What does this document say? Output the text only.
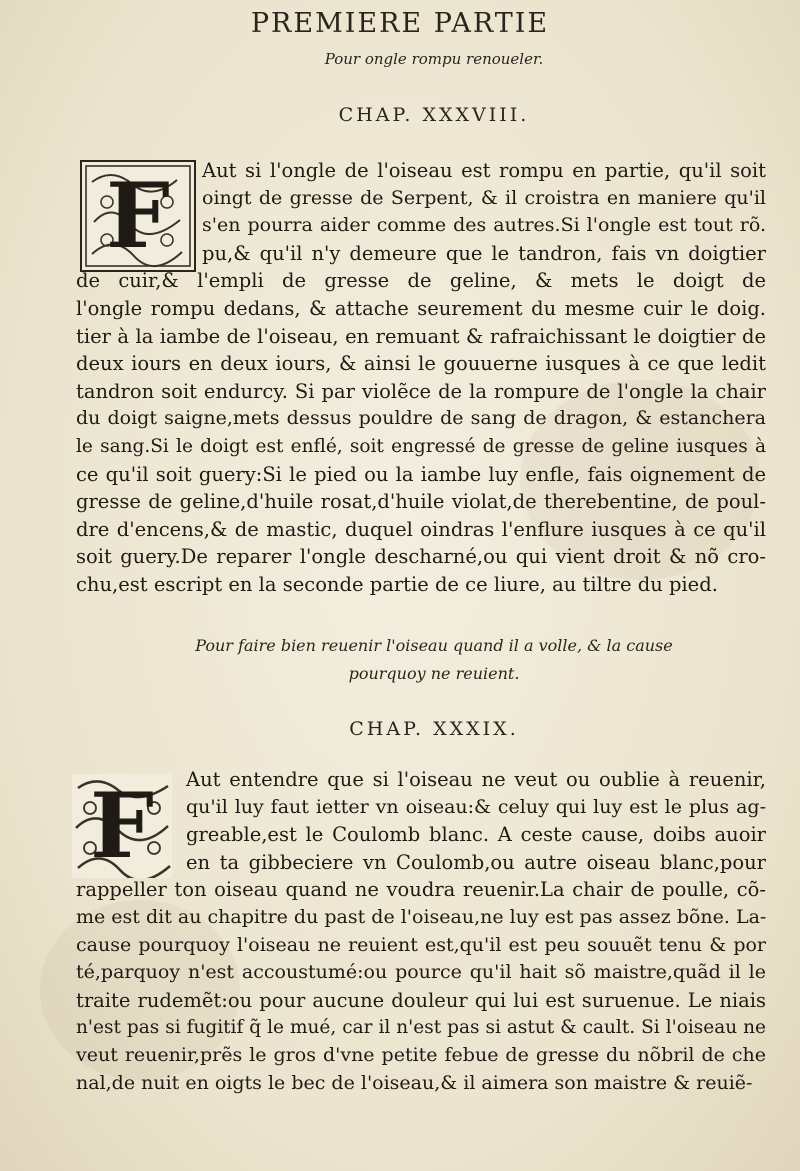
PREMIERE PARTIE
Pour ongle rompu renoueler.
CHAP. XXXVIII.
F Aut si l'ongle de l'oiseau est rompu en partie, qu'il soit
oingt de gresse de Serpent, & il croistra en maniere qu'il
s'en pourra aider comme des autres.Si l'ongle est tout rõ.
pu,& qu'il n'y demeure que le tandron, fais vn doigtier
de cuir,& l'empli de gresse de geline, & mets le doigt de
l'ongle rompu dedans, & attache seurement du mesme cuir le doig.
tier à la iambe de l'oiseau, en remuant & rafraichissant le doigtier de
deux iours en deux iours, & ainsi le gouuerne iusques à ce que ledit
tandron soit endurcy. Si par violẽce de la rompure de l'ongle la chair
du doigt saigne,mets dessus pouldre de sang de dragon, & estanchera
le sang.Si le doigt est enflé, soit engressé de gresse de geline iusques à
ce qu'il soit guery:Si le pied ou la iambe luy enfle, fais oignement de
gresse de geline,d'huile rosat,d'huile violat,de therebentine, de poul-
dre d'encens,& de mastic, duquel oindras l'enflure iusques à ce qu'il
soit guery.De reparer l'ongle descharné,ou qui vient droit & nõ cro-
chu,est escript en la seconde partie de ce liure, au tiltre du pied.
Pour faire bien reuenir l'oiseau quand il a volle, & la cause
pourquoy ne reuient.
CHAP. XXXIX.
F Aut entendre que si l'oiseau ne veut ou oublie à reuenir,
qu'il luy faut ietter vn oiseau:& celuy qui luy est le plus ag-
greable,est le Coulomb blanc. A ceste cause, doibs auoir
en ta gibbeciere vn Coulomb,ou autre oiseau blanc,pour
rappeller ton oiseau quand ne voudra reuenir.La chair de poulle, cõ-
me est dit au chapitre du past de l'oiseau,ne luy est pas assez bõne. La-
cause pourquoy l'oiseau ne reuient est,qu'il est peu souuẽt tenu & por
té,parquoy n'est accoustumé:ou pource qu'il hait sõ maistre,quãd il le
traite rudemẽt:ou pour aucune douleur qui lui est suruenue. Le niais
n'est pas si fugitif q̃ le mué, car il n'est pas si astut & cault. Si l'oiseau ne
veut reuenir,prẽs le gros d'vne petite febue de gresse du nõbril de che
nal,de nuit en oigts le bec de l'oiseau,& il aimera son maistre & reuiẽ-
